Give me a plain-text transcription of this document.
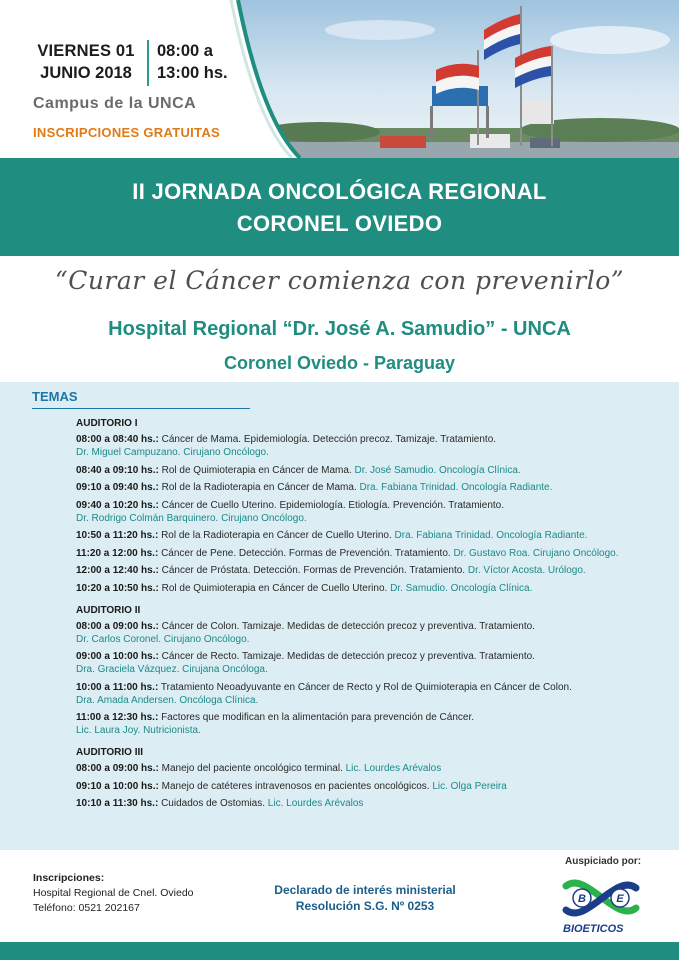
VIERNES 01
JUNIO 2018
08:00 a
13:00 hs.
Campus de la UNCA
INSCRIPCIONES GRATUITAS
II JORNADA ONCOLÓGICA REGIONAL
CORONEL OVIEDO
“Curar el Cáncer comienza con prevenirlo”
Hospital Regional “Dr. José A. Samudio” - UNCA
Coronel Oviedo - Paraguay
TEMAS
AUDITORIO I
08:00 a 08:40 hs.: Cáncer de Mama. Epidemiología. Detección precoz. Tamizaje. Tratamiento.
Dr. Miguel Campuzano. Cirujano Oncólogo.
08:40 a 09:10 hs.: Rol de Quimioterapia en Cáncer de Mama. Dr. José Samudio. Oncología Clínica.
09:10 a 09:40 hs.: Rol de la Radioterapia en Cáncer de Mama. Dra. Fabiana Trinidad. Oncología Radiante.
09:40 a 10:20 hs.: Cáncer de Cuello Uterino. Epidemiología. Etiología. Prevención. Tratamiento.
Dr. Rodrigo Colmán Barquinero. Cirujano Oncólogo.
10:50 a 11:20 hs.: Rol de la Radioterapia en Cáncer de Cuello Uterino. Dra. Fabiana Trinidad. Oncología Radiante.
11:20 a 12:00 hs.: Cáncer de Pene. Detección. Formas de Prevención. Tratamiento. Dr. Gustavo Roa. Cirujano Oncólogo.
12:00 a 12:40 hs.: Cáncer de Próstata. Detección. Formas de Prevención. Tratamiento. Dr. Víctor Acosta. Urólogo.
10:20 a 10:50 hs.: Rol de Quimioterapia en Cáncer de Cuello Uterino. Dr. Samudio. Oncología Clínica.
AUDITORIO II
08:00 a 09:00 hs.: Cáncer de Colon. Tamizaje. Medidas de detección precoz y preventiva. Tratamiento.
Dr. Carlos Coronel. Cirujano Oncólogo.
09:00 a 10:00 hs.: Cáncer de Recto. Tamizaje. Medidas de detección precoz y preventiva. Tratamiento.
Dra. Graciela Vázquez. Cirujana Oncóloga.
10:00 a 11:00 hs.: Tratamiento Neoadyuvante en Cáncer de Recto y Rol de Quimioterapia en Cáncer de Colon.
Dra. Amada Andersen. Oncóloga Clínica.
11:00 a 12:30 hs.: Factores que modifican en la alimentación para prevención de Cáncer.
Lic. Laura Joy. Nutricionista.
AUDITORIO III
08:00 a 09:00 hs.: Manejo del paciente oncológico terminal. Lic. Lourdes Arévalos
09:10 a 10:00 hs.: Manejo de catéteres intravenosos en pacientes oncológicos. Lic. Olga Pereira
10:10 a 11:30 hs.: Cuidados de Ostomias. Lic. Lourdes Arévalos
Inscripciones:
Hospital Regional de Cnel. Oviedo
Teléfono: 0521 202167
Declarado de interés ministerial
Resolución S.G. Nº 0253
Auspiciado por:
B	E
BIOETICOS
